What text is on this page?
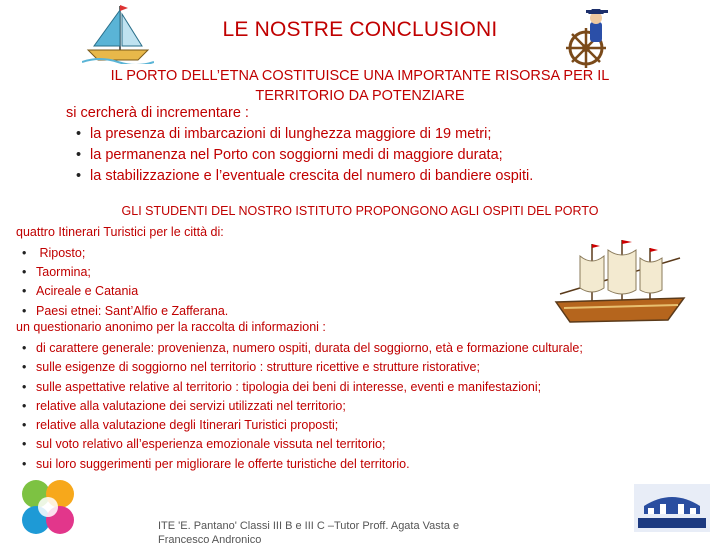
LE NOSTRE CONCLUSIONI
IL PORTO DELL’ETNA COSTITUISCE UNA IMPORTANTE RISORSA PER IL TERRITORIO DA POTENZIARE
si cercherà di incrementare :
• la presenza di imbarcazioni di lunghezza maggiore di 19 metri;
• la permanenza nel Porto con soggiorni medi di maggiore durata;
• la stabilizzazione e l’eventuale crescita del numero di bandiere ospiti.
GLI STUDENTI DEL NOSTRO ISTITUTO PROPONGONO AGLI OSPITI DEL PORTO
quattro Itinerari Turistici per le città di:
• Riposto;
• Taormina;
• Acireale e Catania
• Paesi etnei: Sant’Alfio e Zafferana.
un questionario anonimo per la raccolta di informazioni :
• di carattere generale: provenienza, numero ospiti, durata del soggiorno, età e formazione culturale;
• sulle esigenze di soggiorno nel territorio : strutture ricettive e strutture ristorative;
• sulle aspettative relative al territorio : tipologia dei beni di interesse, eventi e manifestazioni;
• relative alla valutazione dei servizi utilizzati nel territorio;
• relative alla valutazione degli Itinerari Turistici proposti;
• sul voto relativo all’esperienza emozionale vissuta nel territorio;
• sui loro suggerimenti per migliorare le offerte turistiche del territorio.
ITE 'E. Pantano' Classi III B e III C –Tutor Proff. Agata Vasta e
Francesco Andronico
